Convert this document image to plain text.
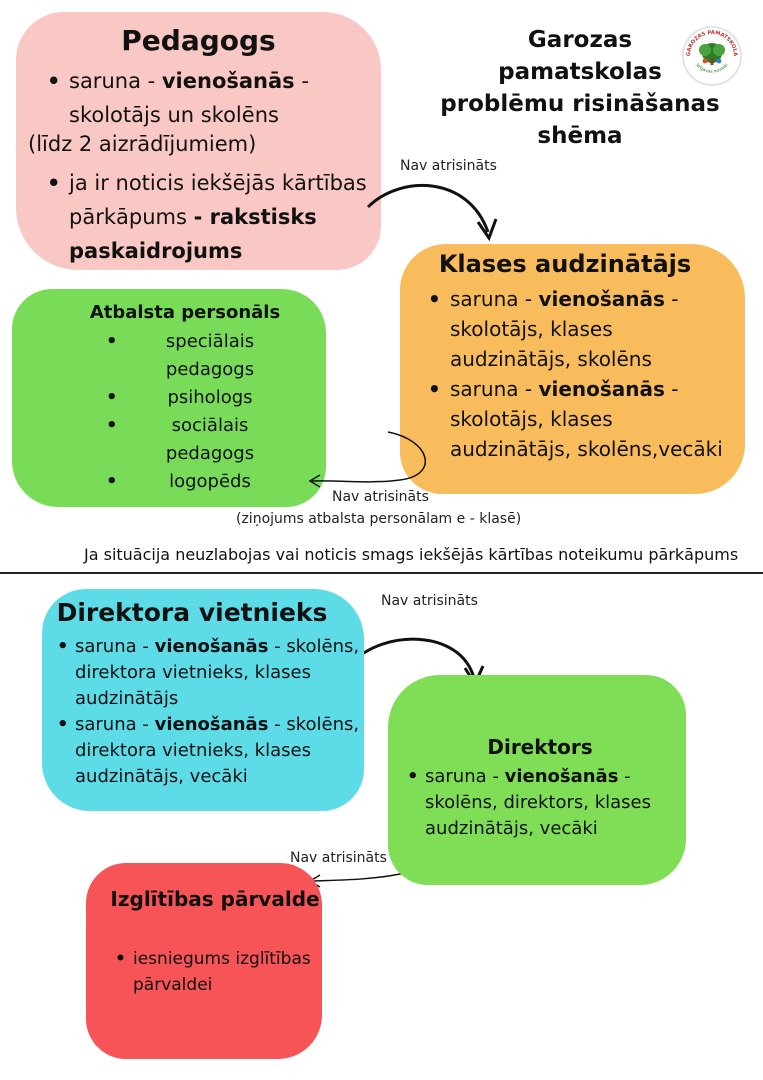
Pedagogs
• saruna - vienošanās - skolotājs un skolēns
(līdz 2 aizrādījumiem)
• ja ir noticis iekšējās kārtības pārkāpums - rakstisks paskaidrojums
Garozas
pamatskolas
problēmu risināšanas
shēma
GAROZAS PAMATSKOLA
Jelgavas novads
Klases audzinātājs
• saruna - vienošanās - skolotājs, klases audzinātājs, skolēns
• saruna - vienošanās - skolotājs, klases audzinātājs, skolēns,vecāki
Atbalsta personāls
• speciālais pedagogs
• psihologs
• sociālais pedagogs
• logopēds
Nav atrisināts
Nav atrisināts
(ziņojums atbalsta personālam e - klasē)
Nav atrisināts
Nav atrisināts
Ja situācija neuzlabojas vai noticis smags iekšējās kārtības noteikumu pārkāpums
Direktora vietnieks
• saruna - vienošanās - skolēns, direktora vietnieks, klases audzinātājs
• saruna - vienošanās - skolēns, direktora vietnieks, klases audzinātājs, vecāki
Direktors
• saruna - vienošanās - skolēns, direktors, klases audzinātājs, vecāki
Izglītības pārvalde
• iesniegums izglītības pārvaldei
